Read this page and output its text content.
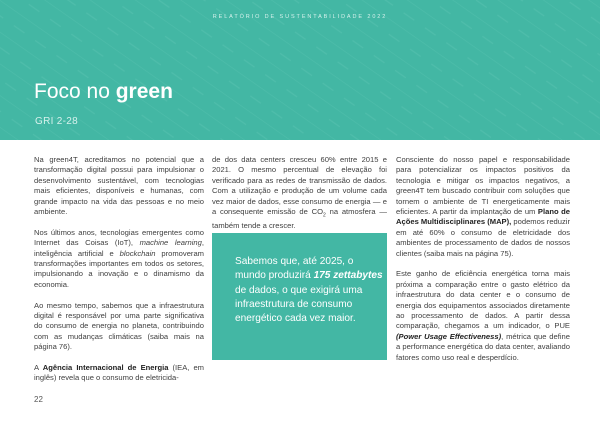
RELATÓRIO DE SUSTENTABILIDADE 2022
Foco no green
GRI 2-28

Na green4T, acreditamos no potencial que a transformação digital possui para impulsionar o desenvolvimento sustentável, com tecnologias mais eficientes, disponíveis e humanas, com grande impacto na vida das pessoas e no meio ambiente.

Nos últimos anos, tecnologias emergentes como Internet das Coisas (IoT), machine learning, inteligência artificial e blockchain promoveram transformações importantes em todos os setores, impulsionando a inovação e o dinamismo da economia.

Ao mesmo tempo, sabemos que a infraestrutura digital é responsável por uma parte significativa do consumo de energia no planeta, contribuindo com as mudanças climáticas (saiba mais na página 76).

A Agência Internacional de Energia (IEA, em inglês) revela que o consumo de eletricida-

de dos data centers cresceu 60% entre 2015 e 2021. O mesmo percentual de elevação foi verificado para as redes de transmissão de dados. Com a utilização e produção de um volume cada vez maior de dados, esse consumo de energia — e a consequente emissão de $CO_2$ na atmosfera — também tende a crescer.

Sabemos que, até 2025, o mundo produzirá 175 zettabytes de dados, o que exigirá uma infraestrutura de consumo energético cada vez maior.

Consciente do nosso papel e responsabilidade para potencializar os impactos positivos da tecnologia e mitigar os impactos negativos, a green4T tem buscado contribuir com soluções que tornem o ambiente de TI energeticamente mais eficientes. A partir da implantação de um Plano de Ações Multidisciplinares (MAP), podemos reduzir em até 60% o consumo de eletricidade dos ambientes de processamento de dados de nossos clientes (saiba mais na página 75).

Este ganho de eficiência energética torna mais próxima a comparação entre o gasto elétrico da infraestrutura do data center e o consumo de energia dos equipamentos associados diretamente ao processamento de dados. A partir dessa comparação, chegamos a um indicador, o PUE (Power Usage Effectiveness), métrica que define a performance energética do data center, avaliando fatores como uso real e desperdício.

22
